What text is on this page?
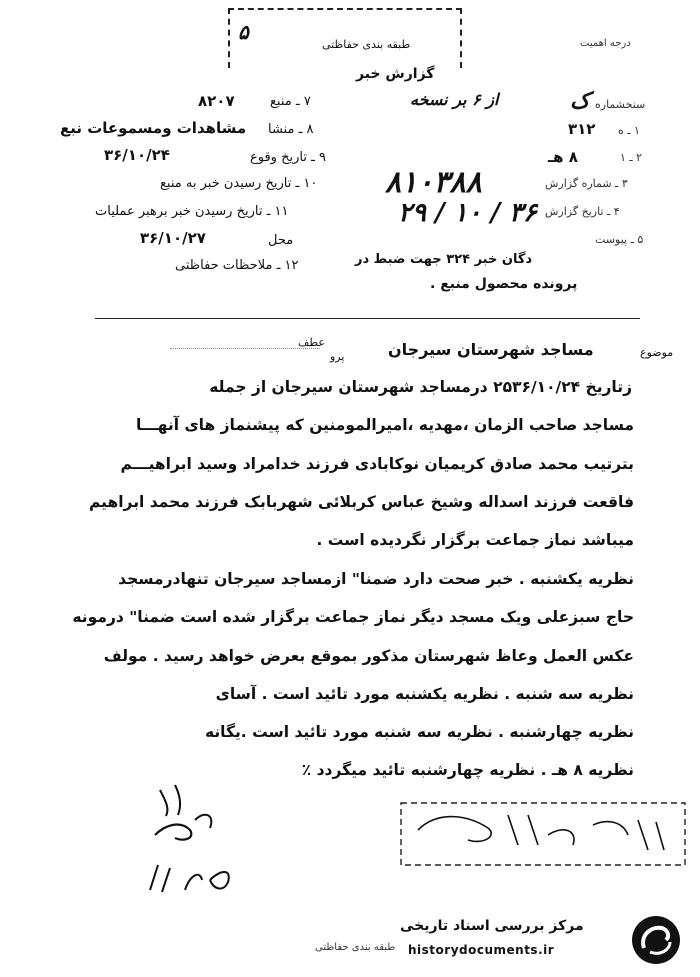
طبقه بندی حفاظتی
۵	درجه اهمیت
گزارش خبر
۷ ـ منبع
۸۲۰۷
۸ ـ منشا
مشاهدات ومسموعات نبع
۹ ـ تاریخ وقوع
۳۶/۱۰/۲۴
۱۰ ـ تاریخ رسیدن خبر به منبع
۱۱ ـ تاریخ رسیدن خبر برهبر عملیات
محل
۳۶/۱۰/۲۷
۱۲ ـ ملاحظات حفاظتی
سنخشماره
ک
از ۶ بر نسخه
۱ ـ ه
۳۱۲
۲ ـ ۱
۸ هـ
۳ ـ شماره گزارش
۴ ـ تاریخ گزارش
۵ ـ پیوست
۸۱۰۳۸۸
۲۹ / ۱۰ / ۳۶
دگان خبر ۳۲۴ جهت ضبط در
پرونده محصول منبع .
موضوع
مساجد شهرستان سیرجان
عطف
پرو
زتاریخ ۲۵۳۶/۱۰/۲۴ درمساجد شهرستان سیرجان از جمله
مساجد صاحب الزمان ،مهدیه ،امیرالمومنین که پیشنماز های آنهـــا
بترتیب محمد صادق کریمیان نوکابادی فرزند خدامراد وسید ابراهیـــم
فاقعت فرزند اسداله وشیخ عباس کربلائی شهربابک فرزند محمد ابراهیم
میباشد نماز جماعت برگزار نگردیده است .
نظریه یکشنبه . خبر صحت دارد ضمنا" ازمساجد سیرجان تنهادرمسجد
حاج سبزعلی ویک مسجد دیگر نماز جماعت برگزار شده است ضمنا" درمونه
عکس العمل وعاظ شهرستان مذکور بموقع بعرض خواهد رسید . مولف
نظریه سه شنبه . نظریه یکشنبه مورد تائید است . آسای
نظریه چهارشنبه . نظریه سه شنبه مورد تائید است .یگانه
نظریه ۸ هـ . نظریه چهارشنبه تائید میگردد ٪
مرکز بررسی اسناد تاریخی
historydocuments.ir
طبقه بندی حفاظتی
